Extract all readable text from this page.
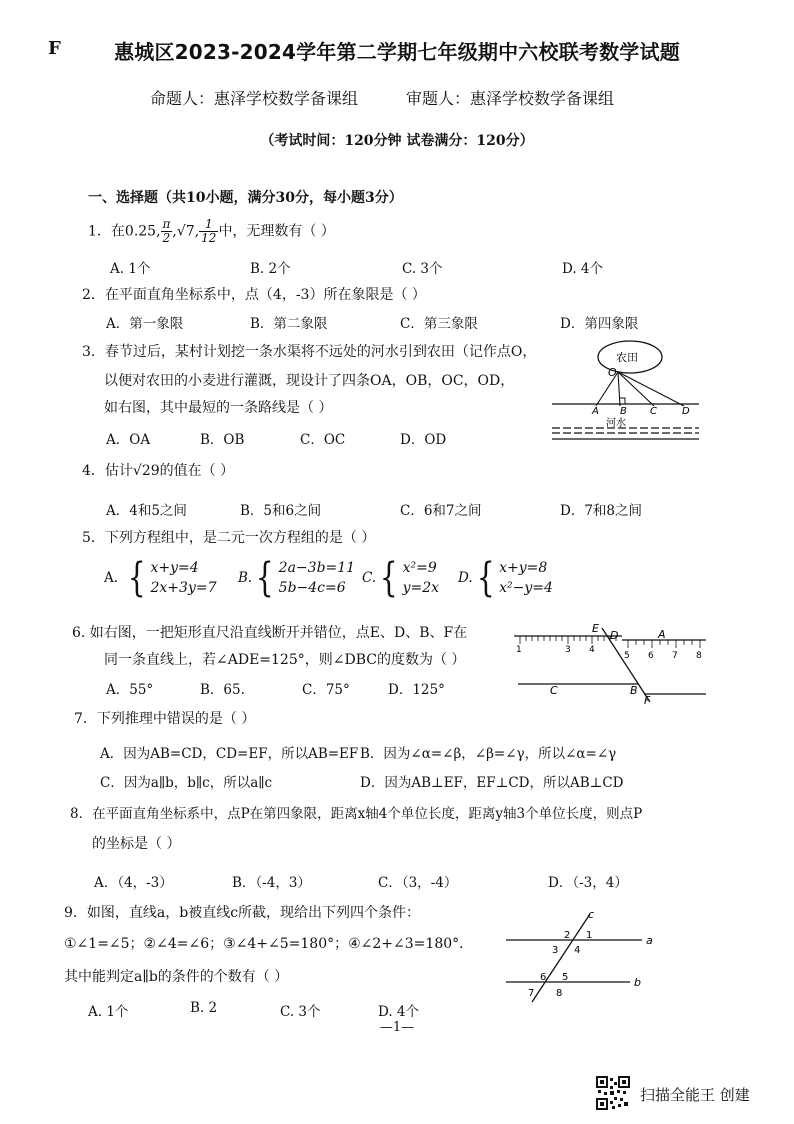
F	惠城区2023-2024学年第二学期七年级期中六校联考数学试题
命题人：惠泽学校数学备课组	审题人：惠泽学校数学备课组
（考试时间：120分钟 试卷满分：120分）
一、选择题（共10小题，满分30分，每小题3分）
1．在0.25, $\frac{\pi}{2} ,√7$, $\frac{1}{12}$ 中，无理数有（ ）
A. 1个	B. 2个	C. 3个	D. 4个
2．在平面直角坐标系中，点（4，-3）所在象限是（ ）
A．第一象限	B．第二象限	C．第三象限	D．第四象限
3．春节过后，某村计划挖一条水渠将不远处的河水引到农田（记作点O，
以便对农田的小麦进行灌溉，现设计了四条OA，OB，OC，OD，
如右图，其中最短的一条路线是（ ）
A．OA	B．OB	C．OC	D．OD
农田
O
A B C	D
河水
4．估计√29的值在（ ）
A．4和5之间	B．5和6之间	C．6和7之间	D．7和8之间
5．下列方程组中，是二元一次方程组的是（ ）
A. { x+y=4
2x+3y=7
B. { 2a−3b=11
5b−4c=6
C. { x²=9
y=2x
D. { x+y=8
x²−y=4
6. 如右图，一把矩形直尺沿直线断开并错位，点E、D、B、F在
同一条直线上，若∠ADE=125°，则∠DBC的度数为（ ）
A．55°	B．65.	C．75°	D．125°
1	3 4
5 6 7 8
E
D	A
C	B
F
7．下列推理中错误的是（ ）
A．因为AB=CD，CD=EF，所以AB=EF B．因为∠α=∠β，∠β=∠γ，所以∠α=∠γ
C．因为a∥b，b∥c，所以a∥c	D．因为AB⊥EF，EF⊥CD，所以AB⊥CD
8．在平面直角坐标系中，点P在第四象限，距离x轴4个单位长度，距离y轴3个单位长度，则点P
的坐标是（ ）
A．（4，-3）	B．（-4，3）	C．（3，-4）	D．（-3，4）
9．如图，直线a，b被直线c所截，现给出下列四个条件：
①∠1=∠5；②∠4=∠6；③∠4+∠5=180°；④∠2+∠3=180°．
其中能判定a∥b的条件的个数有（ ）
A. 1个	B. 2	C. 3个	D. 4个
a
b
c
1
2
3 4
5
6
7 8
—1—
扫描全能王 创建
